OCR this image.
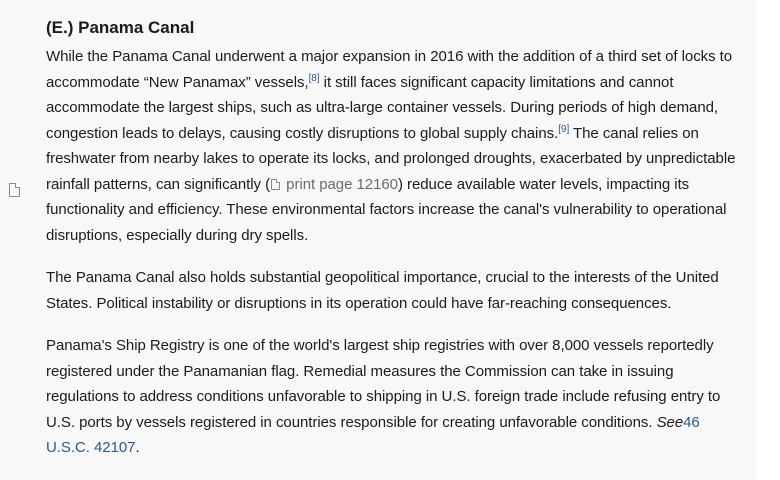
(E.) Panama Canal

While the Panama Canal underwent a major expansion in 2016 with the addition of a third set of locks to accommodate “New Panamax” vessels,[8] it still faces significant capacity limitations and cannot accommodate the largest ships, such as ultra-large container vessels. During periods of high demand, congestion leads to delays, causing costly disruptions to global supply chains.[9] The canal relies on freshwater from nearby lakes to operate its locks, and prolonged droughts, exacerbated by unpredictable rainfall patterns, can significantly ( print page 12160) reduce available water levels, impacting its functionality and efficiency. These environmental factors increase the canal's vulnerability to operational disruptions, especially during dry spells.

The Panama Canal also holds substantial geopolitical importance, crucial to the interests of the United States. Political instability or disruptions in its operation could have far-reaching consequences.

Panama's Ship Registry is one of the world's largest ship registries with over 8,000 vessels reportedly registered under the Panamanian flag. Remedial measures the Commission can take in issuing regulations to address conditions unfavorable to shipping in U.S. foreign trade include refusing entry to U.S. ports by vessels registered in countries responsible for creating unfavorable conditions. See46 U.S.C. 42107.
